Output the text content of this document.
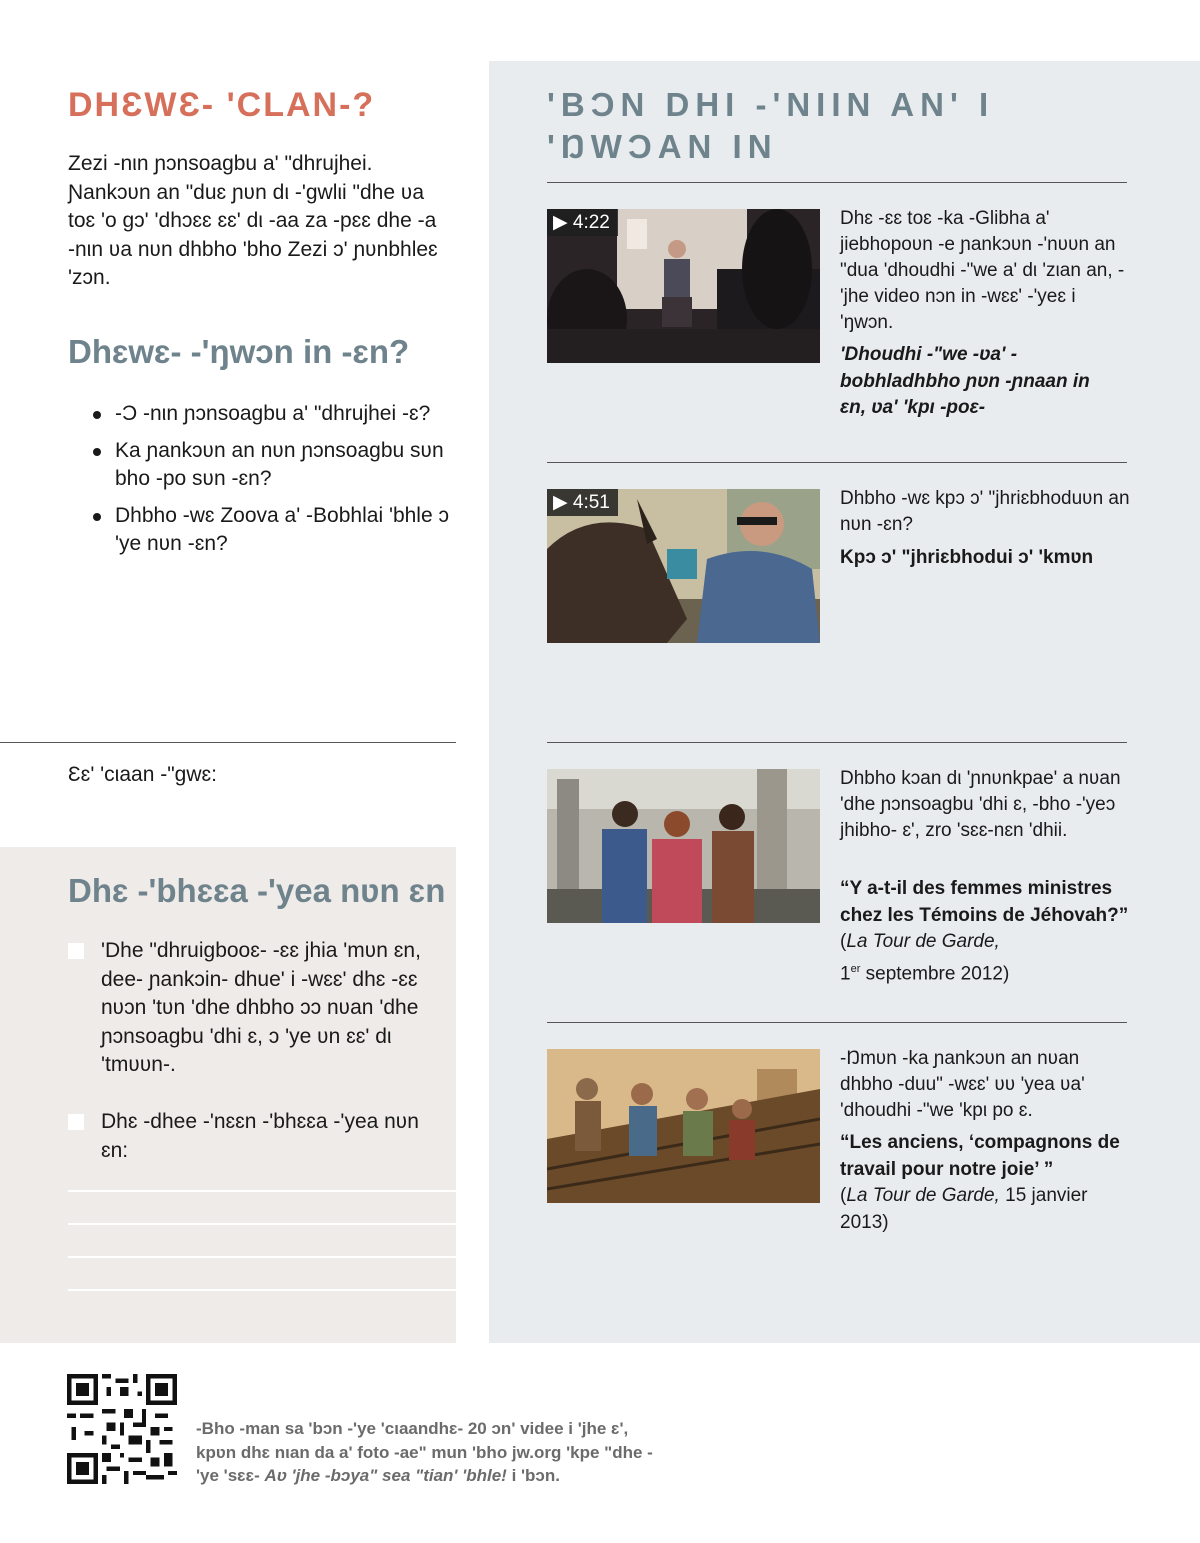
DHƐWƐ- 'CLAN-?

Zezi -nιn ɲɔnsoagbu a' "dhrujhei. Ɲankɔʋn an "duɛ ɲʋn dι -'gwlιi "dhe ʋa toɛ 'o gɔ' 'dhɔɛɛ ɛɛ' dι -aa za -pɛɛ dhe -a -nιn ʋa nʋn dhbho 'bho Zezi ɔ' ɲʋnbhleɛ 'zɔn.

Dhɛwɛ- -'ŋwɔn in -ɛn?
-Ɔ -nιn ɲɔnsoagbu a' "dhrujhei -ɛ?
Ka ɲankɔʋn an nʋn ɲɔnsoagbu sʋn bho -po sʋn -ɛn?
Dhbho -wɛ Zoova a' -Bobhlai 'bhle ɔ 'ye nʋn -ɛn?
Ɛɛ' 'cιaan -"gwɛ:
Dhɛ -'bhɛɛa -'yea nʋn ɛn
'Dhe "dhruigbooɛ- -ɛɛ jhia 'mʋn ɛn, dee- ɲankɔin- dhue' i -wɛɛ' dhɛ -ɛɛ nʋɔn 'tʋn 'dhe dhbho ɔɔ nʋan 'dhe ɲɔnsoagbu 'dhi ɛ, ɔ 'ye ʋn ɛɛ' dι 'tmʋʋn-.
Dhɛ -dhee -'nɛɛn -'bhɛɛa -'yea nʋn ɛn:
'BƆN DHƖ -'NƖƖN AN' I 'ŊWƆAN IN
▶ 4:22	Dhɛ -ɛɛ toɛ -ka -Glibha a' jiebhopoʋn -e ɲankɔʋn -'nʋʋn an "dua 'dhoudhi -"we a' dι 'zιan an, -'jhe video nɔn in -wɛɛ' -'yeɛ i 'ŋwɔn.

'Dhoudhi -"we -ʋa' -bobhladhbho ɲʋn -ɲnaan in ɛn, ʋa' 'kpι -poɛ-

▶ 4:51	Dhbho -wɛ kpɔ ɔ' "jhriɛbhoduʋn an nʋn -ɛn?

Kpɔ ɔ' "jhriɛbhodui ɔ' 'kmʋn

Dhbho kɔan dι 'ɲnʋnkpae' a nʋan 'dhe ɲɔnsoagbu 'dhi ɛ, -bho -'yeɔ jhibho- ɛ', zro 'sɛɛ-nɛn 'dhii.

“Y a-t-il des femmes ministres chez les Témoins de Jéhovah?” (La Tour de Garde,
1er septembre 2012)

-Ŋmʋn -ka ɲankɔʋn an nʋan dhbho -duu" -wɛɛ' ʋʋ 'yea ʋa' 'dhoudhi -"we 'kpι po ɛ.

“Les anciens, ‘compagnons de travail pour notre joie’ ”
(La Tour de Garde, 15 janvier 2013)

-Bho -man sa 'bɔn -'ye 'cιaandhɛ- 20 ɔn' videe i 'jhe ɛ', kpʋn dhɛ nιan da a' foto -ae" mun 'bho jw.org 'kpe "dhe -'ye 'sɛɛ- Aʋ 'jhe -bɔya" sea "tian' 'bhle! i 'bɔn.
